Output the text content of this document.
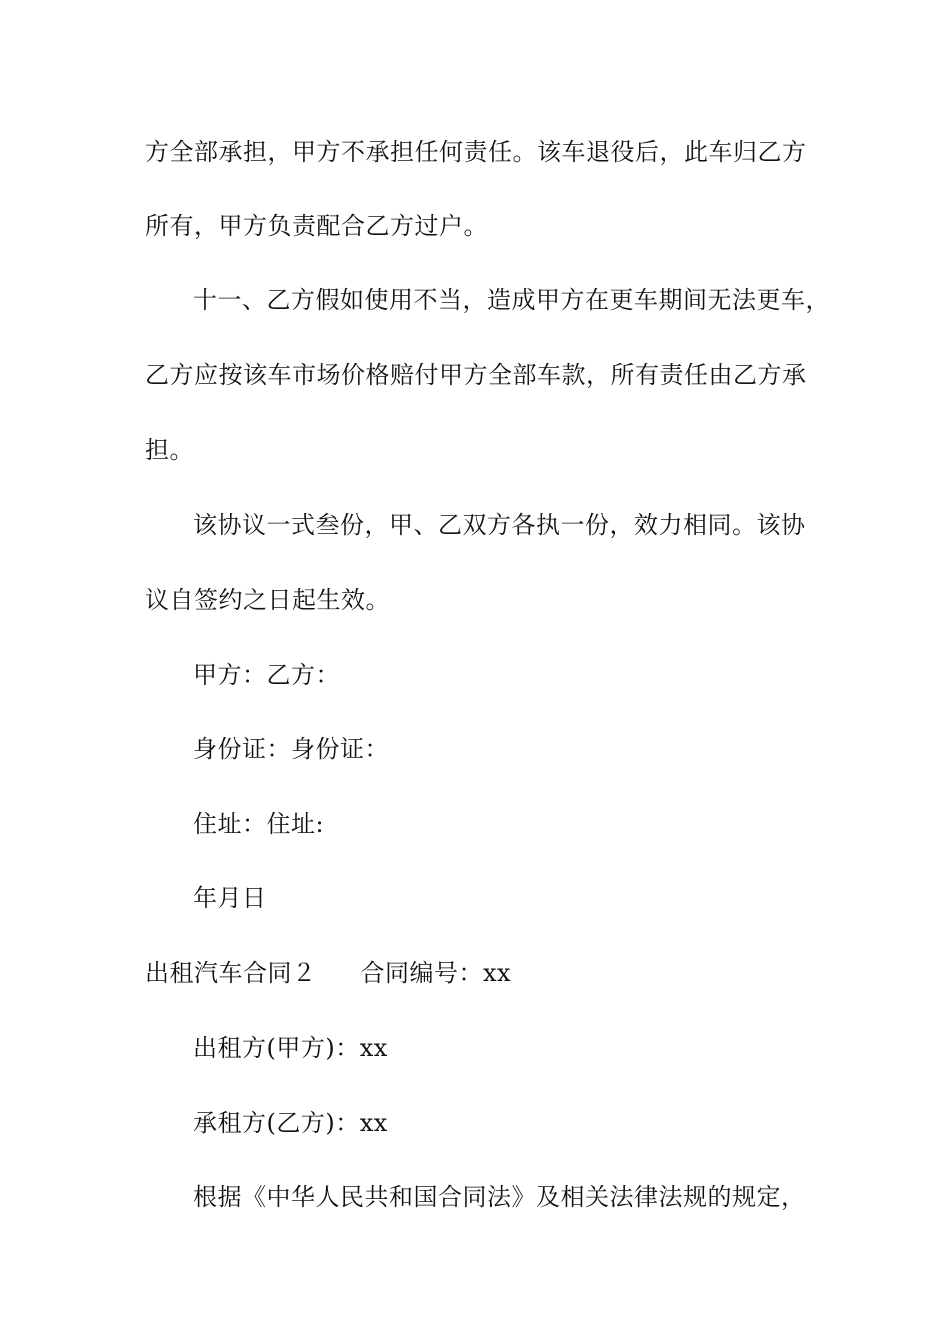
方全部承担，甲方不承担任何责任。该车退役后，此车归乙方
所有，甲方负责配合乙方过户。
十一、乙方假如使用不当，造成甲方在更车期间无法更车，
乙方应按该车市场价格赔付甲方全部车款，所有责任由乙方承
担。
该协议一式叁份，甲、乙双方各执一份，效力相同。该协
议自签约之日起生效。
甲方：乙方：
身份证：身份证：
住址：住址:
年月日
出租汽车合同２ 合同编号：xx
出租方(甲方)：xx
承租方(乙方)：xx
根据《中华人民共和国合同法》及相关法律法规的规定，
